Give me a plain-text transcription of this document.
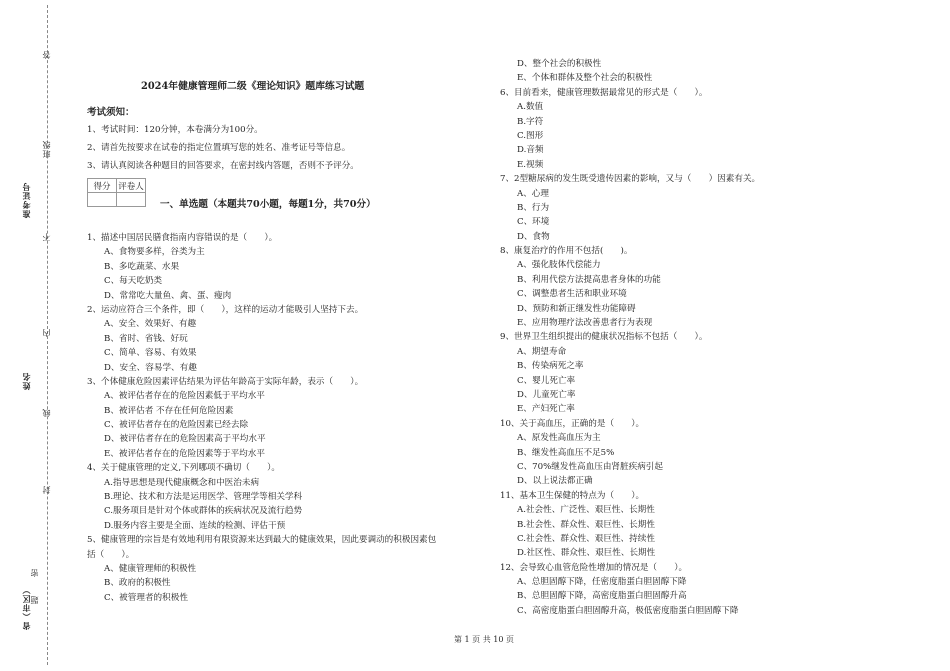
答
班级
准考证号
不
内
姓名
线
封
密
省（市区） 题
2024年健康管理师二级《理论知识》题库练习试题
考试须知：
1、考试时间：120分钟，本卷满分为100分。
2、请首先按要求在试卷的指定位置填写您的姓名、准考证号等信息。
3、请认真阅读各种题目的回答要求，在密封线内答题，否则不予评分。
得分	评卷人

一、单选题（本题共70小题，每题1分，共70分）
1、描述中国居民膳食指南内容错误的是（　　）。
A、食物要多样，谷类为主
B、多吃蔬菜、水果
C、每天吃奶类
D、常常吃大量鱼、禽、蛋、瘦肉
2、运动应符合三个条件，即（　　），这样的运动才能吸引人坚持下去。
A、安全、效果好、有趣
B、省时、省钱、好玩
C、简单、容易、有效果
D、安全、容易学、有趣
3、个体健康危险因素评估结果为评估年龄高于实际年龄，表示（　　）。
A、被评估者存在的危险因素低于平均水平
B、被评估者 不存在任何危险因素
C、被评估者存在的危险因素已经去除
D、被评估者存在的危险因素高于平均水平
E、被评估者存在的危险因素等于平均水平
4、关于健康管理的定义,下列哪项不确切（　　）。
A.指导思想是现代健康概念和中医治未病
B.理论、技术和方法是运用医学、管理学等相关学科
C.服务项目是针对个体或群体的疾病状况及流行趋势
D.服务内容主要是全面、连续的检测、评估干预
5、健康管理的宗旨是有效地利用有限资源来达到最大的健康效果，因此要调动的积极因素包
括（　　）。
A、健康管理师的积极性
B、政府的积极性
C、被管理者的积极性
D、整个社会的积极性
E、个体和群体及整个社会的积极性
6、目前看来，健康管理数据最常见的形式是（　　）。
A.数值
B.字符
C.图形
D.音频
E.视频
7、2型糖尿病的发生既受遗传因素的影响，又与（　　）因素有关。
A、心理
B、行为
C、环境
D、食物
8、康复治疗的作用不包括(　　)。
A、强化肢体代偿能力
B、利用代偿方法提高患者身体的功能
C、调整患者生活和职业环境
D、预防和新正继发性功能障碍
E、应用物理疗法改善患者行为表现
9、世界卫生组织提出的健康状况指标不包括（　　）。
A、期望寿命
B、传染病死之率
C、婴儿死亡率
D、儿童死亡率
E、产妇死亡率
10、关于高血压，正确的是（　　）。
A、原发性高血压为主
B、继发性高血压不足5%
C、70%继发性高血压由肾脏疾病引起
D、以上说法都正确
11、基本卫生保健的特点为（　　）。
A.社会性、广泛性、艰巨性、长期性
B.社会性、群众性、艰巨性、长期性
C.社会性、群众性、艰巨性、持续性
D.社区性、群众性、艰巨性、长期性
12、会导致心血管危险性增加的情况是（　　）。
A、总胆固醇下降，任密度脂蛋白胆固醇下降
B、总胆固醇下降，高密度脂蛋白胆固醇升高
C、高密度脂蛋白胆固醇升高，极低密度脂蛋白胆固醇下降
第 1 页 共 10 页
